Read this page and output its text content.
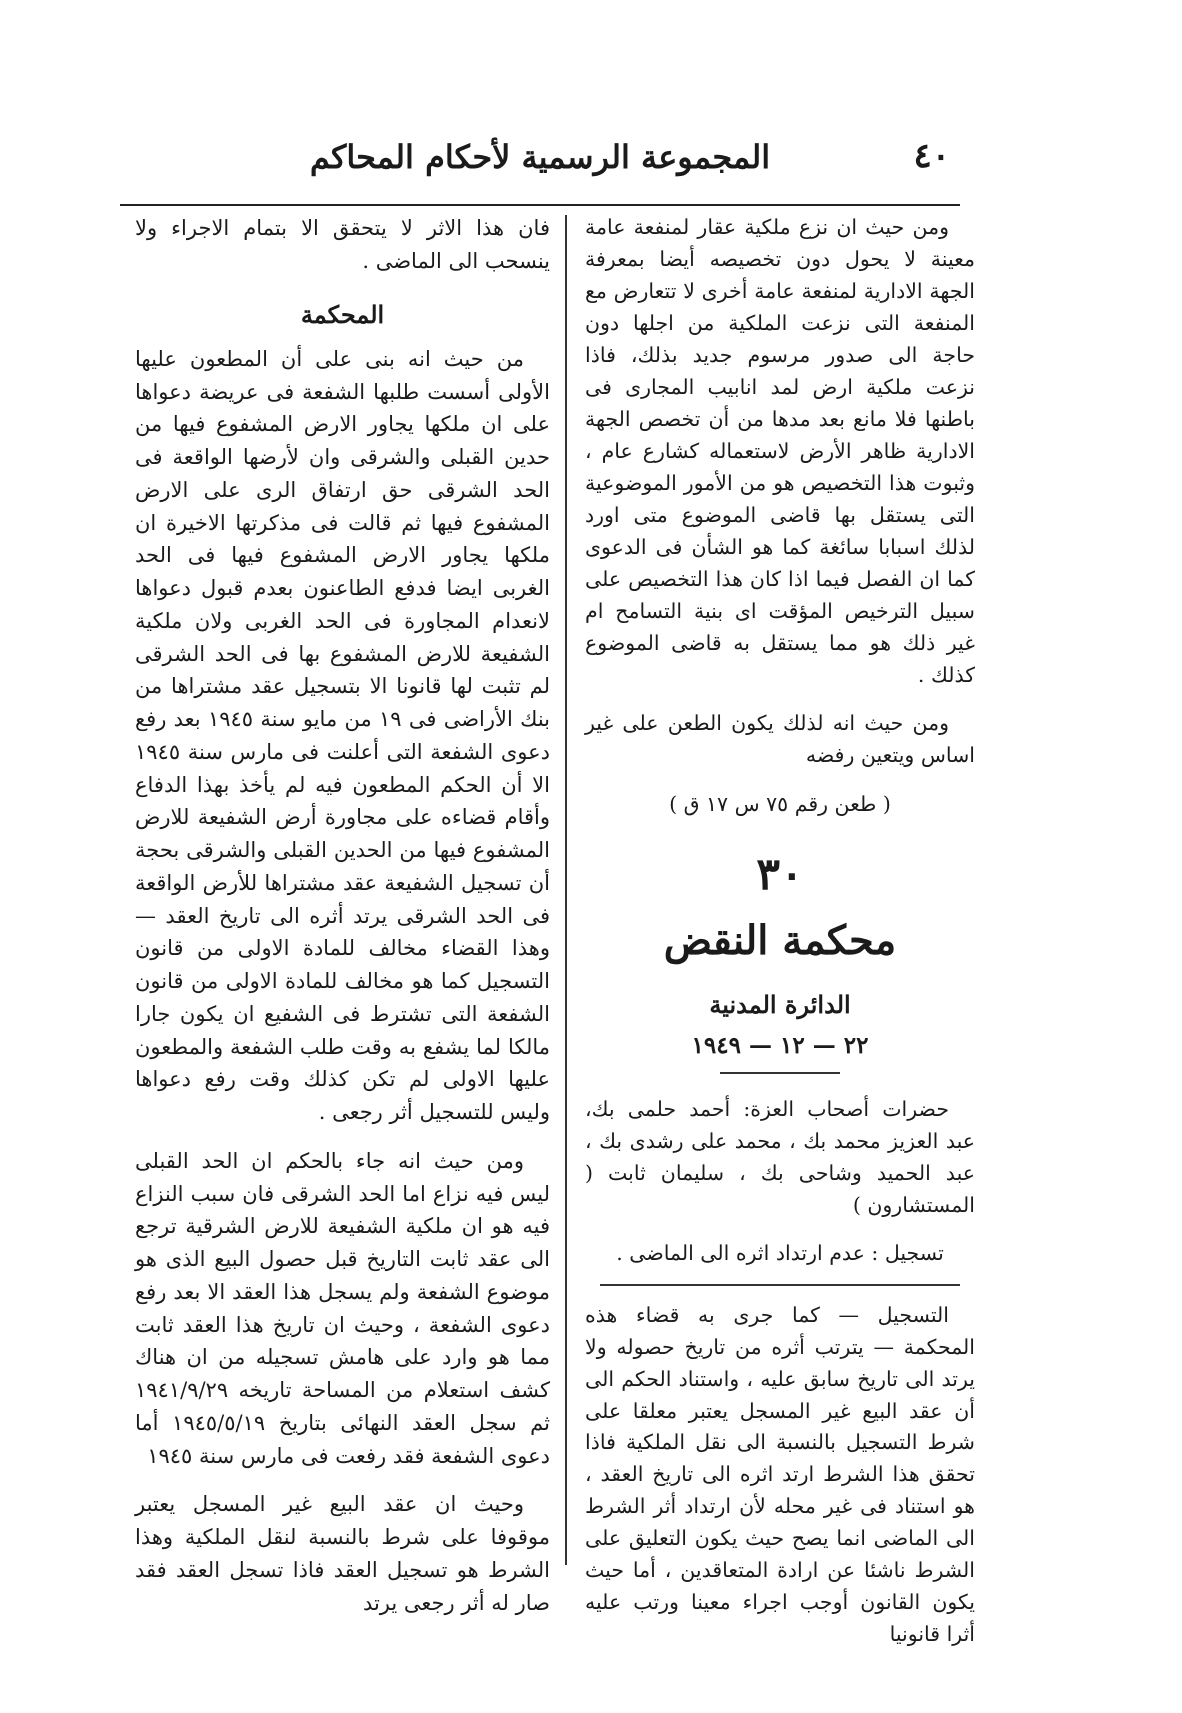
٤٠
المجموعة الرسمية لأحكام المحاكم

ومن حيث ان نزع ملكية عقار لمنفعة عامة معينة لا يحول دون تخصيصه أيضا بمعرفة الجهة الادارية لمنفعة عامة أخرى لا تتعارض مع المنفعة التى نزعت الملكية من اجلها دون حاجة الى صدور مرسوم جديد بذلك، فاذا نزعت ملكية ارض لمد انابيب المجارى فى باطنها فلا مانع بعد مدها من أن تخصص الجهة الادارية ظاهر الأرض لاستعماله كشارع عام ، وثبوت هذا التخصيص هو من الأمور الموضوعية التى يستقل بها قاضى الموضوع متى اورد لذلك اسبابا سائغة كما هو الشأن فى الدعوى كما ان الفصل فيما اذا كان هذا التخصيص على سبيل الترخيص المؤقت اى بنية التسامح ام غير ذلك هو مما يستقل به قاضى الموضوع كذلك .

ومن حيث انه لذلك يكون الطعن على غير اساس ويتعين رفضه

( طعن رقم ٧٥ س ١٧ ق )

٣٠
محكمة النقض
الدائرة المدنية
٢٢ — ١٢ — ١٩٤٩

حضرات أصحاب العزة: أحمد حلمى بك، عبد العزيز محمد بك ، محمد على رشدى بك ، عبد الحميد وشاحى بك ، سليمان ثابت ( المستشارون )

تسجيل : عدم ارتداد اثره الى الماضى .

التسجيل — كما جرى به قضاء هذه المحكمة — يترتب أثره من تاريخ حصوله ولا يرتد الى تاريخ سابق عليه ، واستناد الحكم الى أن عقد البيع غير المسجل يعتبر معلقا على شرط التسجيل بالنسبة الى نقل الملكية فاذا تحقق هذا الشرط ارتد اثره الى تاريخ العقد ، هو استناد فى غير محله لأن ارتداد أثر الشرط الى الماضى انما يصح حيث يكون التعليق على الشرط ناشئا عن ارادة المتعاقدين ، أما حيث يكون القانون أوجب اجراء معينا ورتب عليه أثرا قانونيا

فان هذا الاثر لا يتحقق الا بتمام الاجراء ولا ينسحب الى الماضى .

المحكمة

من حيث انه بنى على أن المطعون عليها الأولى أسست طلبها الشفعة فى عريضة دعواها على ان ملكها يجاور الارض المشفوع فيها من حدين القبلى والشرقى وان لأرضها الواقعة فى الحد الشرقى حق ارتفاق الرى على الارض المشفوع فيها ثم قالت فى مذكرتها الاخيرة ان ملكها يجاور الارض المشفوع فيها فى الحد الغربى ايضا فدفع الطاعنون بعدم قبول دعواها لانعدام المجاورة فى الحد الغربى ولان ملكية الشفيعة للارض المشفوع بها فى الحد الشرقى لم تثبت لها قانونا الا بتسجيل عقد مشتراها من بنك الأراضى فى ١٩ من مايو سنة ١٩٤٥ بعد رفع دعوى الشفعة التى أعلنت فى مارس سنة ١٩٤٥ الا أن الحكم المطعون فيه لم يأخذ بهذا الدفاع وأقام قضاءه على مجاورة أرض الشفيعة للارض المشفوع فيها من الحدين القبلى والشرقى بحجة أن تسجيل الشفيعة عقد مشتراها للأرض الواقعة فى الحد الشرقى يرتد أثره الى تاريخ العقد — وهذا القضاء مخالف للمادة الاولى من قانون التسجيل كما هو مخالف للمادة الاولى من قانون الشفعة التى تشترط فى الشفيع ان يكون جارا مالكا لما يشفع به وقت طلب الشفعة والمطعون عليها الاولى لم تكن كذلك وقت رفع دعواها وليس للتسجيل أثر رجعى .

ومن حيث انه جاء بالحكم ان الحد القبلى ليس فيه نزاع اما الحد الشرقى فان سبب النزاع فيه هو ان ملكية الشفيعة للارض الشرقية ترجع الى عقد ثابت التاريخ قبل حصول البيع الذى هو موضوع الشفعة ولم يسجل هذا العقد الا بعد رفع دعوى الشفعة ، وحيث ان تاريخ هذا العقد ثابت مما هو وارد على هامش تسجيله من ان هناك كشف استعلام من المساحة تاريخه ١٩٤١/٩/٢٩ ثم سجل العقد النهائى بتاريخ ١٩٤٥/٥/١٩ أما دعوى الشفعة فقد رفعت فى مارس سنة ١٩٤٥

وحيث ان عقد البيع غير المسجل يعتبر موقوفا على شرط بالنسبة لنقل الملكية وهذا الشرط هو تسجيل العقد فاذا تسجل العقد فقد صار له أثر رجعى يرتد
